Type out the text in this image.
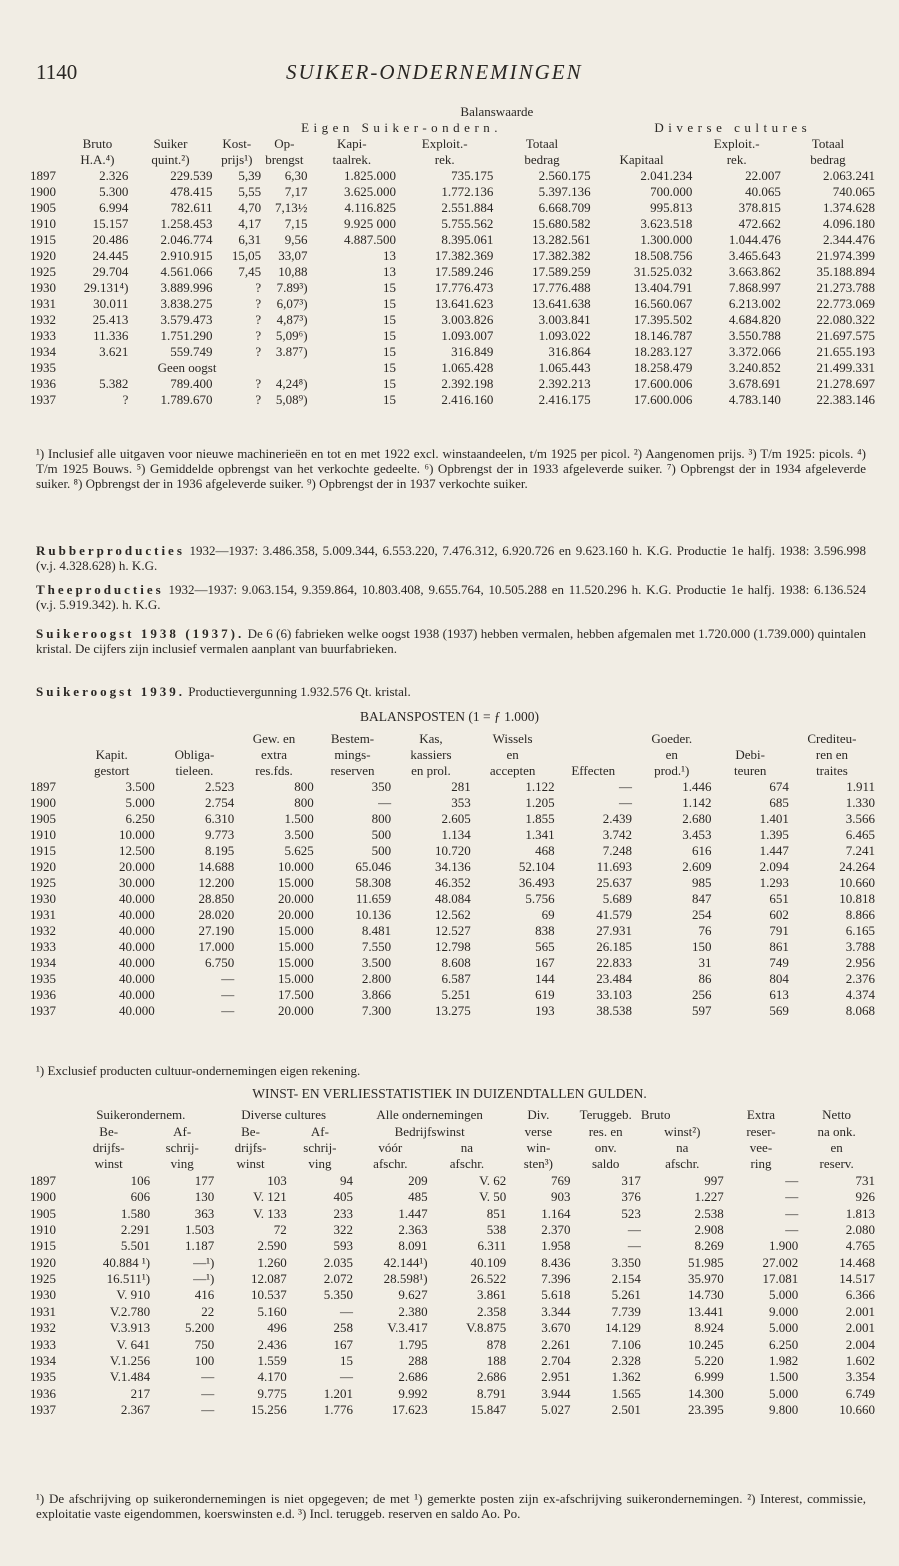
1140	SUIKER-ONDERNEMINGEN
Balanswaarde										
			Eigen Suiker-ondern.					Diverse cultures		
	Bruto	Suiker	Kost-	Op-	Kapi-	Exploit.-	Totaal		Exploit.-	Totaal
	H.A.⁴)	quint.²)	prijs¹)	brengst	taalrek.	rek.	bedrag	Kapitaal	rek.	bedrag
1897	2.326	229.539	5,39	6,30	1.825.000	735.175	2.560.175	2.041.234	22.007	2.063.241
1900	5.300	478.415	5,55	7,17	3.625.000	1.772.136	5.397.136	700.000	40.065	740.065
1905	6.994	782.611	4,70	7,13½	4.116.825	2.551.884	6.668.709	995.813	378.815	1.374.628
1910	15.157	1.258.453	4,17	7,15	9.925 000	5.755.562	15.680.582	3.623.518	472.662	4.096.180
1915	20.486	2.046.774	6,31	9,56	4.887.500	8.395.061	13.282.561	1.300.000	1.044.476	2.344.476
1920	24.445	2.910.915	15,05	33,07	13	17.382.369	17.382.382	18.508.756	3.465.643	21.974.399
1925	29.704	4.561.066	7,45	10,88	13	17.589.246	17.589.259	31.525.032	3.663.862	35.188.894
1930	29.131⁴)	3.889.996	?	7.89³)	15	17.776.473	17.776.488	13.404.791	7.868.997	21.273.788
1931	30.011	3.838.275	?	6,07³)	15	13.641.623	13.641.638	16.560.067	6.213.002	22.773.069
1932	25.413	3.579.473	?	4,87³)	15	3.003.826	3.003.841	17.395.502	4.684.820	22.080.322
1933	11.336	1.751.290	?	5,09⁶)	15	1.093.007	1.093.022	18.146.787	3.550.788	21.697.575
1934	3.621	559.749	?	3.87⁷)	15	316.849	316.864	18.283.127	3.372.066	21.655.193
1935	Geen oogst				15	1.065.428	1.065.443	18.258.479	3.240.852	21.499.331
1936	5.382	789.400	?	4,24⁸)	15	2.392.198	2.392.213	17.600.006	3.678.691	21.278.697
1937	?	1.789.670	?	5,08⁹)	15	2.416.160	2.416.175	17.600.006	4.783.140	22.383.146
¹) Inclusief alle uitgaven voor nieuwe machinerieën en tot en met 1922 excl. winstaandeelen, t/m 1925 per picol. ²) Aangenomen prijs. ³) T/m 1925: picols. ⁴) T/m 1925 Bouws. ⁵) Gemiddelde opbrengst van het verkochte gedeelte. ⁶) Opbrengst der in 1933 afgeleverde suiker. ⁷) Opbrengst der in 1934 afgeleverde suiker. ⁸) Opbrengst der in 1936 afgeleverde suiker. ⁹) Opbrengst der in 1937 verkochte suiker.
Rubberproducties 1932—1937: 3.486.358, 5.009.344, 6.553.220, 7.476.312, 6.920.726 en 9.623.160 h. K.G. Productie 1e halfj. 1938: 3.596.998 (v.j. 4.328.628) h. K.G.
Theeproducties 1932—1937: 9.063.154, 9.359.864, 10.803.408, 9.655.764, 10.505.288 en 11.520.296 h. K.G. Productie 1e halfj. 1938: 6.136.524 (v.j. 5.919.342). h. K.G.
Suikeroogst 1938 (1937). De 6 (6) fabrieken welke oogst 1938 (1937) hebben vermalen, hebben afgemalen met 1.720.000 (1.739.000) quintalen kristal. De cijfers zijn inclusief vermalen aanplant van buurfabrieken.
Suikeroogst 1939. Productievergunning 1.932.576 Qt. kristal.
BALANSPOSTEN (1 = ƒ 1.000)
			Gew. en	Bestem-	Kas,	Wissels		Goeder.		Crediteu-
	Kapit.	Obliga-	extra	mings-	kassiers	en		en	Debi-	ren en
	gestort	tieleen.	res.fds.	reserven	en prol.	accepten	Effecten	prod.¹)	teuren	traites
1897	3.500	2.523	800	350	281	1.122	—	1.446	674	1.911
1900	5.000	2.754	800	—	353	1.205	—	1.142	685	1.330
1905	6.250	6.310	1.500	800	2.605	1.855	2.439	2.680	1.401	3.566
1910	10.000	9.773	3.500	500	1.134	1.341	3.742	3.453	1.395	6.465
1915	12.500	8.195	5.625	500	10.720	468	7.248	616	1.447	7.241
1920	20.000	14.688	10.000	65.046	34.136	52.104	11.693	2.609	2.094	24.264
1925	30.000	12.200	15.000	58.308	46.352	36.493	25.637	985	1.293	10.660
1930	40.000	28.850	20.000	11.659	48.084	5.756	5.689	847	651	10.818
1931	40.000	28.020	20.000	10.136	12.562	69	41.579	254	602	8.866
1932	40.000	27.190	15.000	8.481	12.527	838	27.931	76	791	6.165
1933	40.000	17.000	15.000	7.550	12.798	565	26.185	150	861	3.788
1934	40.000	6.750	15.000	3.500	8.608	167	22.833	31	749	2.956
1935	40.000	—	15.000	2.800	6.587	144	23.484	86	804	2.376
1936	40.000	—	17.500	3.866	5.251	619	33.103	256	613	4.374
1937	40.000	—	20.000	7.300	13.275	193	38.538	597	569	8.068
¹) Exclusief producten cultuur-ondernemingen eigen rekening.
WINST- EN VERLIESSTATISTIEK IN DUIZENDTALLEN GULDEN.
	Suikerondernem.		Diverse cultures		Alle ondernemingen		Div.	Teruggeb.	Bruto	Extra	Netto
	Be-	Af-	Be-	Af-	Bedrijfswinst		verse	res. en	winst²)	reser-	na onk.
	drijfs-	schrij-	drijfs-	schrij-	vóór	na	win-	onv.	na	vee-	en
	winst	ving	winst	ving	afschr.	afschr.	sten³)	saldo	afschr.	ring	reserv.
1897	106	177	103	94	209	V. 62	769	317	997	—	731
1900	606	130	V. 121	405	485	V. 50	903	376	1.227	—	926
1905	1.580	363	V. 133	233	1.447	851	1.164	523	2.538	—	1.813
1910	2.291	1.503	72	322	2.363	538	2.370	—	2.908	—	2.080
1915	5.501	1.187	2.590	593	8.091	6.311	1.958	—	8.269	1.900	4.765
1920	40.884 ¹)	—¹)	1.260	2.035	42.144¹)	40.109	8.436	3.350	51.985	27.002	14.468
1925	16.511¹)	—¹)	12.087	2.072	28.598¹)	26.522	7.396	2.154	35.970	17.081	14.517
1930	V. 910	416	10.537	5.350	9.627	3.861	5.618	5.261	14.730	5.000	6.366
1931	V.2.780	22	5.160	—	2.380	2.358	3.344	7.739	13.441	9.000	2.001
1932	V.3.913	5.200	496	258	V.3.417	V.8.875	3.670	14.129	8.924	5.000	2.001
1933	V. 641	750	2.436	167	1.795	878	2.261	7.106	10.245	6.250	2.004
1934	V.1.256	100	1.559	15	288	188	2.704	2.328	5.220	1.982	1.602
1935	V.1.484	—	4.170	—	2.686	2.686	2.951	1.362	6.999	1.500	3.354
1936	217	—	9.775	1.201	9.992	8.791	3.944	1.565	14.300	5.000	6.749
1937	2.367	—	15.256	1.776	17.623	15.847	5.027	2.501	23.395	9.800	10.660
¹) De afschrijving op suikerondernemingen is niet opgegeven; de met ¹) gemerkte posten zijn ex-afschrijving suikerondernemingen. ²) Interest, commissie, exploitatie vaste eigendommen, koerswinsten e.d. ³) Incl. teruggeb. reserven en saldo Ao. Po.
